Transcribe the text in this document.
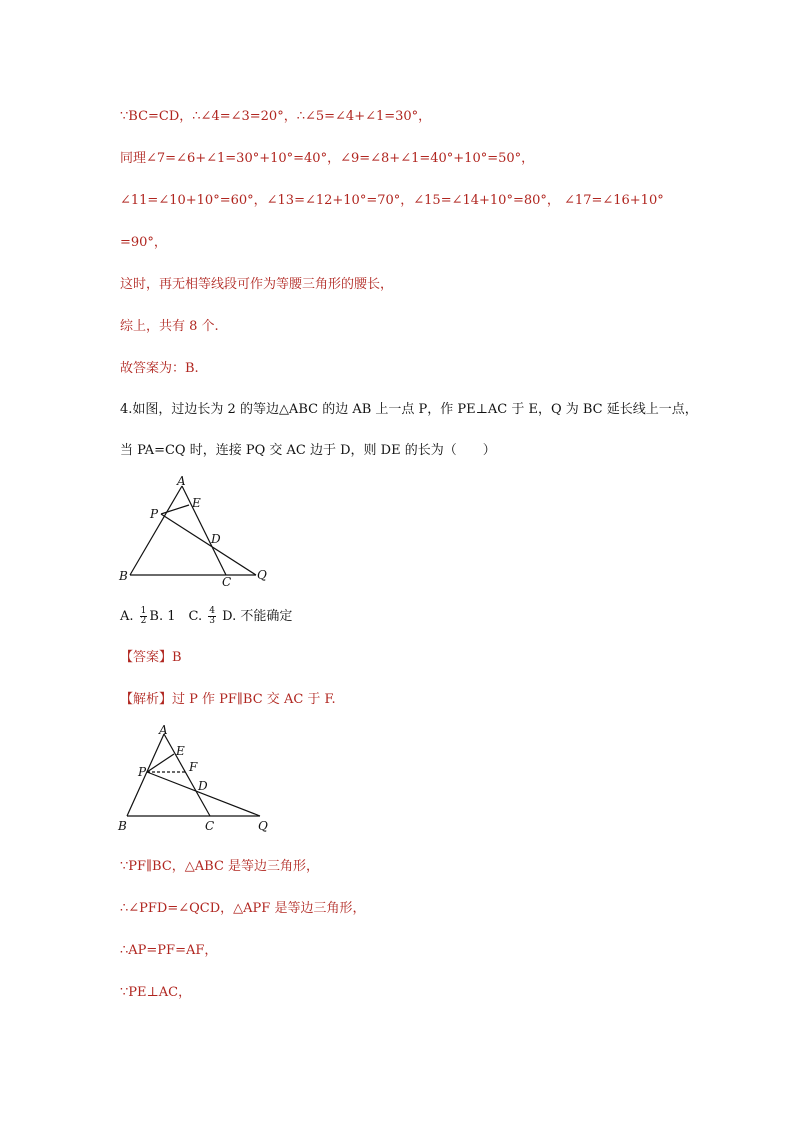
∵BC=CD，∴∠4=∠3=20°，∴∠5=∠4+∠1=30°，
同理∠7=∠6+∠1=30°+10°=40°，∠9=∠8+∠1=40°+10°=50°，
∠11=∠10+10°=60°，∠13=∠12+10°=70°，∠15=∠14+10°=80°， ∠17=∠16+10°
=90°，
这时，再无相等线段可作为等腰三角形的腰长，
综上，共有 8 个.
故答案为：B.
4.如图，过边长为 2 的等边△ABC 的边 AB 上一点 P，作 PE⊥AC 于 E，Q 为 BC 延长线上一点，
当 PA=CQ 时，连接 PQ 交 AC 边于 D，则 DE 的长为（　　）
A
E
P
D
B	C Q
A. $\frac{1}{2} B$. 1　C. $\frac{4}{3} D$. 不能确定
【答案】B
【解析】过 P 作 PF∥BC 交 AC 于 F.
A
E
P	F
D
B	C	Q
∵PF∥BC，△ABC 是等边三角形，
∴∠PFD=∠QCD，△APF 是等边三角形，
∴AP=PF=AF，
∵PE⊥AC，
